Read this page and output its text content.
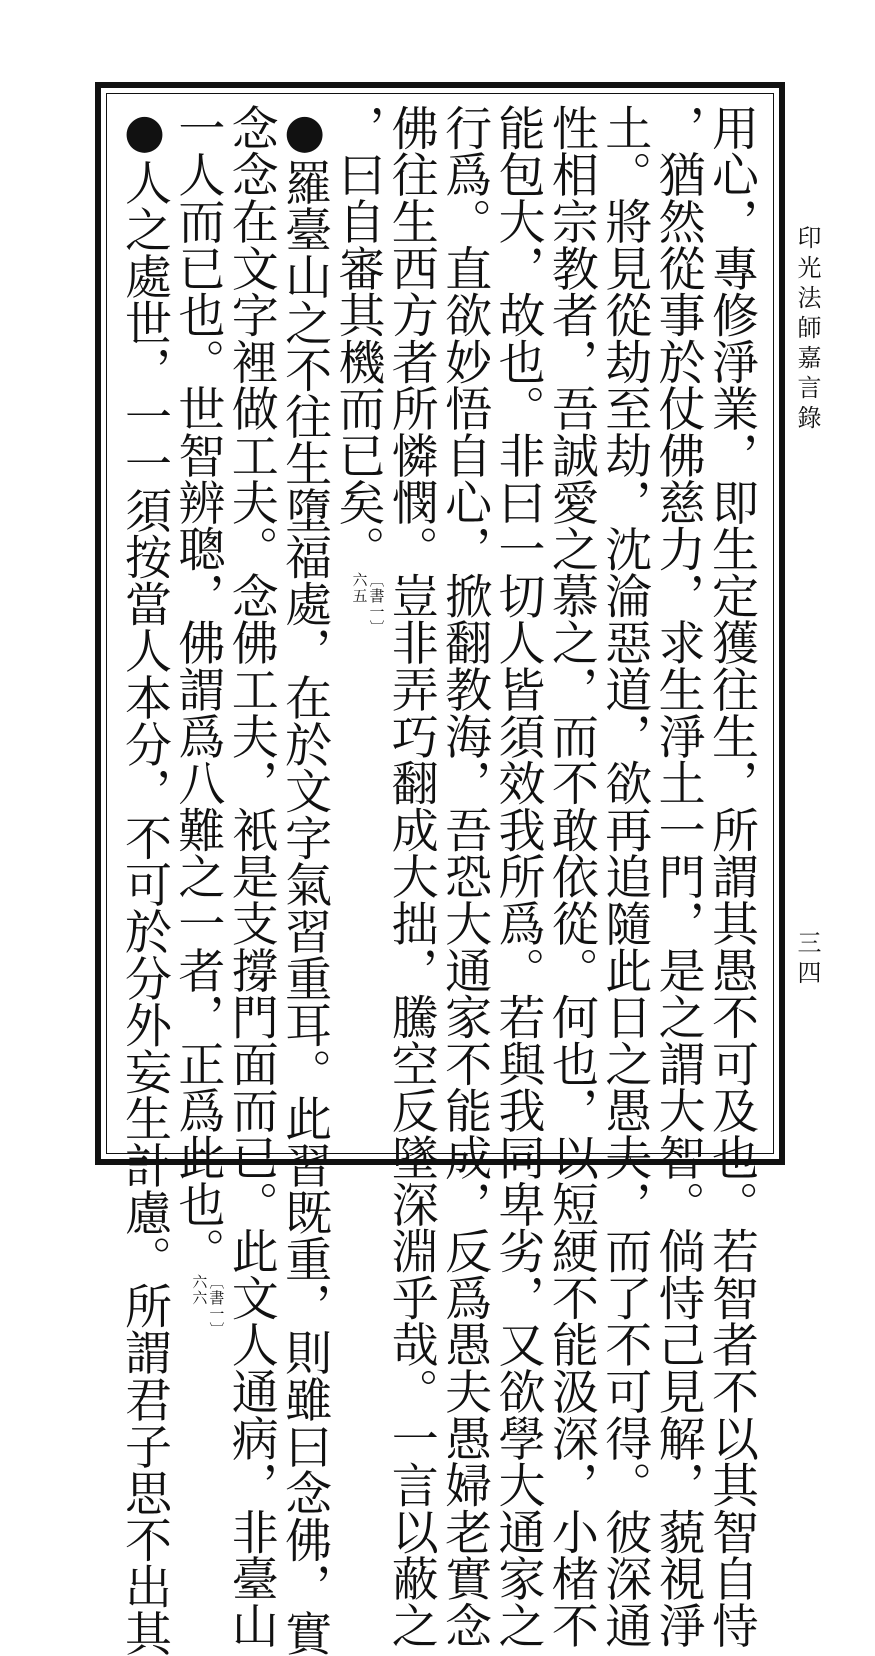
印光法師嘉言錄
三四
用心，專修淨業，即生定獲往生，所謂其愚不可及也。若智者不以其智自恃
，猶然從事於仗佛慈力，求生淨土一門，是之謂大智。倘恃己見解，藐視淨
土。將見從劫至劫，沈淪惡道，欲再追隨此日之愚夫，而了不可得。彼深通
性相宗教者，吾誠愛之慕之，而不敢依從。何也，以短綆不能汲深，小楮不
能包大，故也。非曰一切人皆須效我所爲。若與我同卑劣，又欲學大通家之
行爲。直欲妙悟自心，掀翻教海，吾恐大通家不能成，反爲愚夫愚婦老實念
佛往生西方者所憐憫。豈非弄巧翻成大拙，騰空反墜深淵乎哉。一言以蔽之
，曰自審其機而已矣。
〔書一〕
六五
●羅臺山之不往生墮福處，在於文字氣習重耳。此習既重，則雖曰念佛，實
念念在文字裡做工夫。念佛工夫，衹是支撐門面而已。此文人通病，非臺山
一人而已也。世智辨聰，佛謂爲八難之一者，正爲此也。
〔書一〕
六六
●人之處世，一一須按當人本分，不可於分外妄生計慮。所謂君子思不出其
